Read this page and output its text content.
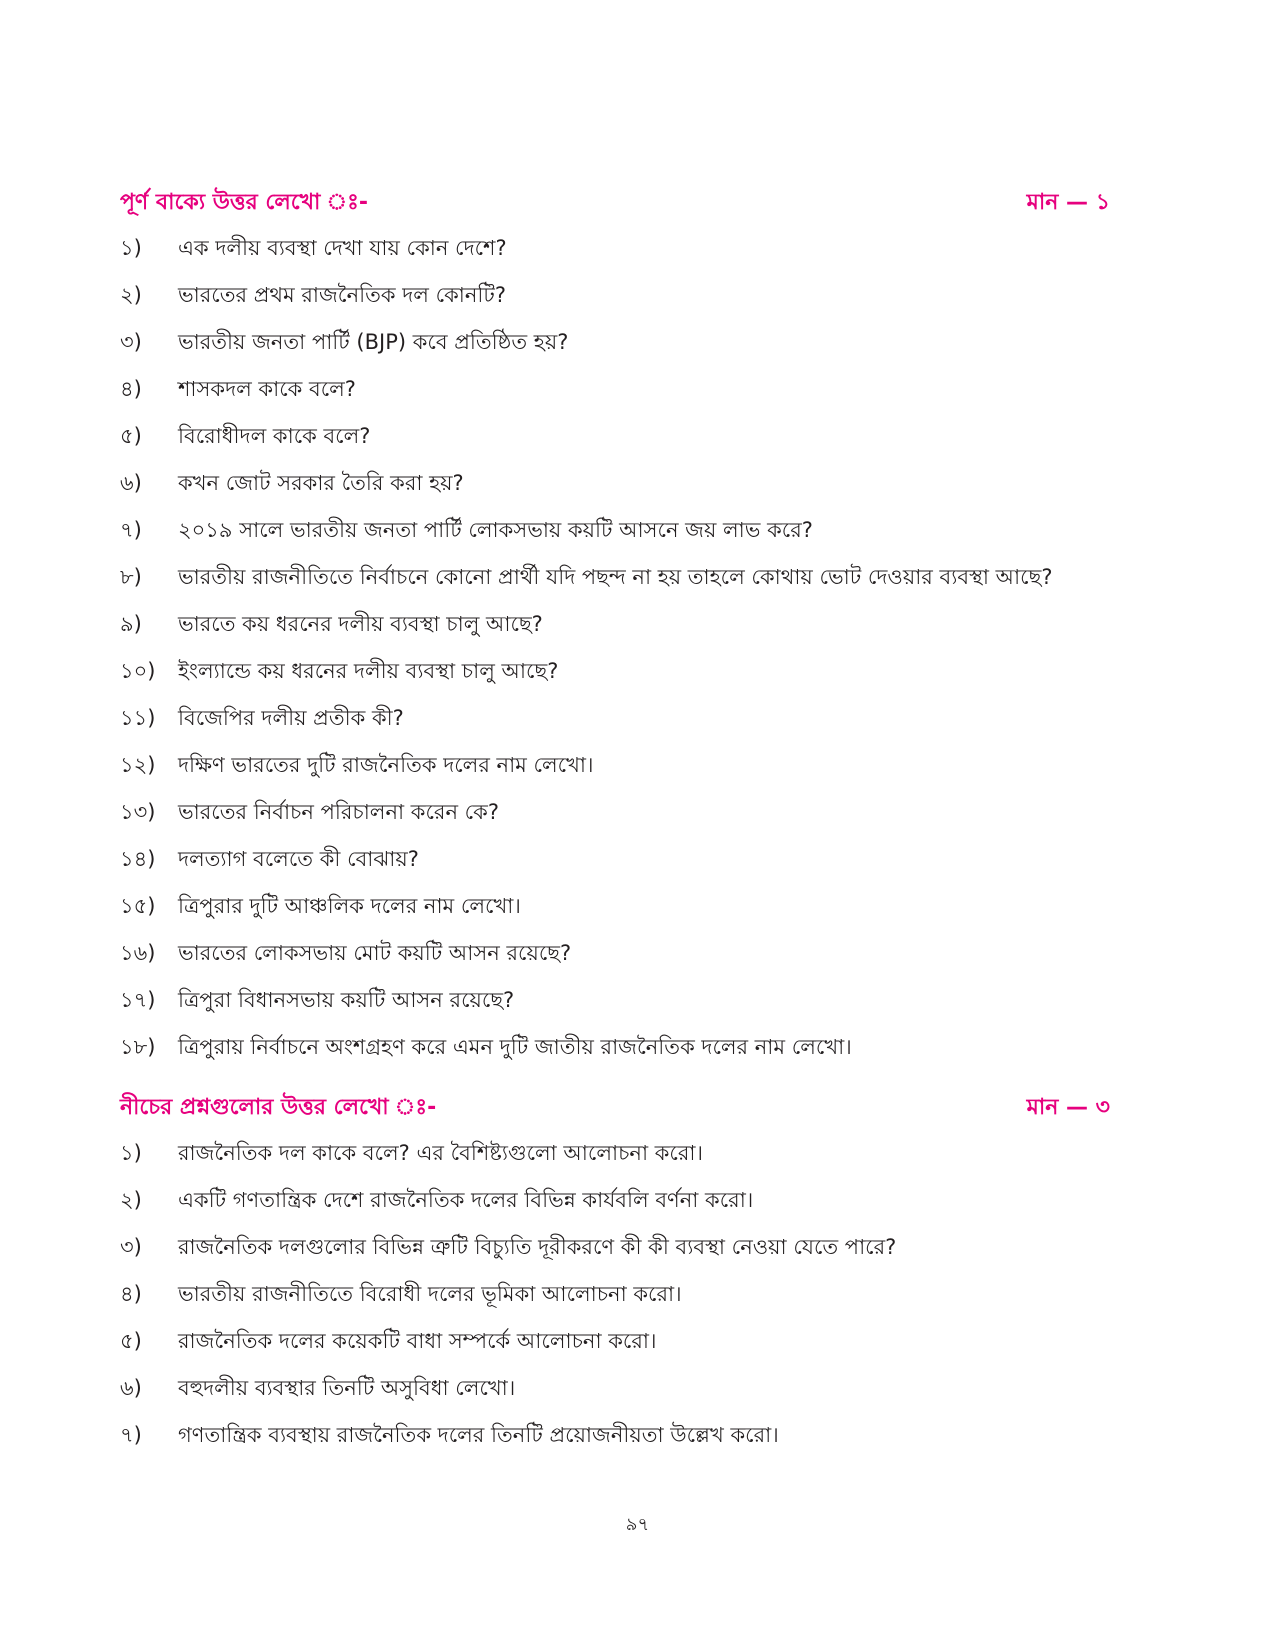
পূর্ণ বাক্যে উত্তর লেখো ঃ-	মান — ১
১)	এক দলীয় ব্যবস্থা দেখা যায় কোন দেশে?
২)	ভারতের প্রথম রাজনৈতিক দল কোনটি?
৩)	ভারতীয় জনতা পার্টি (BJP) কবে প্রতিষ্ঠিত হয়?
৪)	শাসকদল কাকে বলে?
৫)	বিরোধীদল কাকে বলে?
৬)	কখন জোট সরকার তৈরি করা হয়?
৭)	২০১৯ সালে ভারতীয় জনতা পার্টি লোকসভায় কয়টি আসনে জয় লাভ করে?
৮)	ভারতীয় রাজনীতিতে নির্বাচনে কোনো প্রার্থী যদি পছন্দ না হয় তাহলে কোথায় ভোট দেওয়ার ব্যবস্থা আছে?
৯)	ভারতে কয় ধরনের দলীয় ব্যবস্থা চালু আছে?
১০)	ইংল্যান্ডে কয় ধরনের দলীয় ব্যবস্থা চালু আছে?
১১)	বিজেপির দলীয় প্রতীক কী?
১২)	দক্ষিণ ভারতের দুটি রাজনৈতিক দলের নাম লেখো।
১৩)	ভারতের নির্বাচন পরিচালনা করেন কে?
১৪)	দলত্যাগ বলেতে কী বোঝায়?
১৫)	ত্রিপুরার দুটি আঞ্চলিক দলের নাম লেখো।
১৬)	ভারতের লোকসভায় মোট কয়টি আসন রয়েছে?
১৭)	ত্রিপুরা বিধানসভায় কয়টি আসন রয়েছে?
১৮)	ত্রিপুরায় নির্বাচনে অংশগ্রহণ করে এমন দুটি জাতীয় রাজনৈতিক দলের নাম লেখো।
নীচের প্রশ্নগুলোর উত্তর লেখো ঃ-	মান — ৩
১)	রাজনৈতিক দল কাকে বলে? এর বৈশিষ্ট্যগুলো আলোচনা করো।
২)	একটি গণতান্ত্রিক দেশে রাজনৈতিক দলের বিভিন্ন কার্যবলি বর্ণনা করো।
৩)	রাজনৈতিক দলগুলোর বিভিন্ন ত্রুটি বিচ্যুতি দূরীকরণে কী কী ব্যবস্থা নেওয়া যেতে পারে?
৪)	ভারতীয় রাজনীতিতে বিরোধী দলের ভূমিকা আলোচনা করো।
৫)	রাজনৈতিক দলের কয়েকটি বাধা সম্পর্কে আলোচনা করো।
৬)	বহুদলীয় ব্যবস্থার তিনটি অসুবিধা লেখো।
৭)	গণতান্ত্রিক ব্যবস্থায় রাজনৈতিক দলের তিনটি প্রয়োজনীয়তা উল্লেখ করো।
৯৭
